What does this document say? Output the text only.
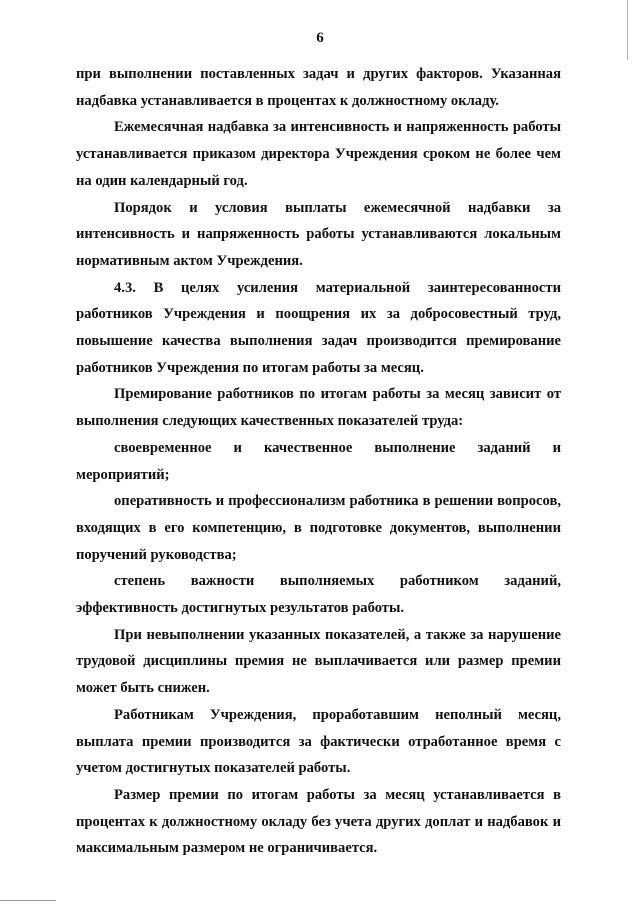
6

при выполнении поставленных задач и других факторов. Указанная надбавка устанавливается в процентах к должностному окладу.

Ежемесячная надбавка за интенсивность и напряженность работы устанавливается приказом директора Учреждения сроком не более чем на один календарный год.

Порядок и условия выплаты ежемесячной надбавки за интенсивность и напряженность работы устанавливаются локальным нормативным актом Учреждения.

4.3. В целях усиления материальной заинтересованности работников Учреждения и поощрения их за добросовестный труд, повышение качества выполнения задач производится премирование работников Учреждения по итогам работы за месяц.

Премирование работников по итогам работы за месяц зависит от выполнения следующих качественных показателей труда:

своевременное и качественное выполнение заданий и мероприятий;

оперативность и профессионализм работника в решении вопросов, входящих в его компетенцию, в подготовке документов, выполнении поручений руководства;

степень важности выполняемых работником заданий, эффективность достигнутых результатов работы.

При невыполнении указанных показателей, а также за нарушение трудовой дисциплины премия не выплачивается или размер премии может быть снижен.

Работникам Учреждения, проработавшим неполный месяц, выплата премии производится за фактически отработанное время с учетом достигнутых показателей работы.

Размер премии по итогам работы за месяц устанавливается в процентах к должностному окладу без учета других доплат и надбавок и максимальным размером не ограничивается.
